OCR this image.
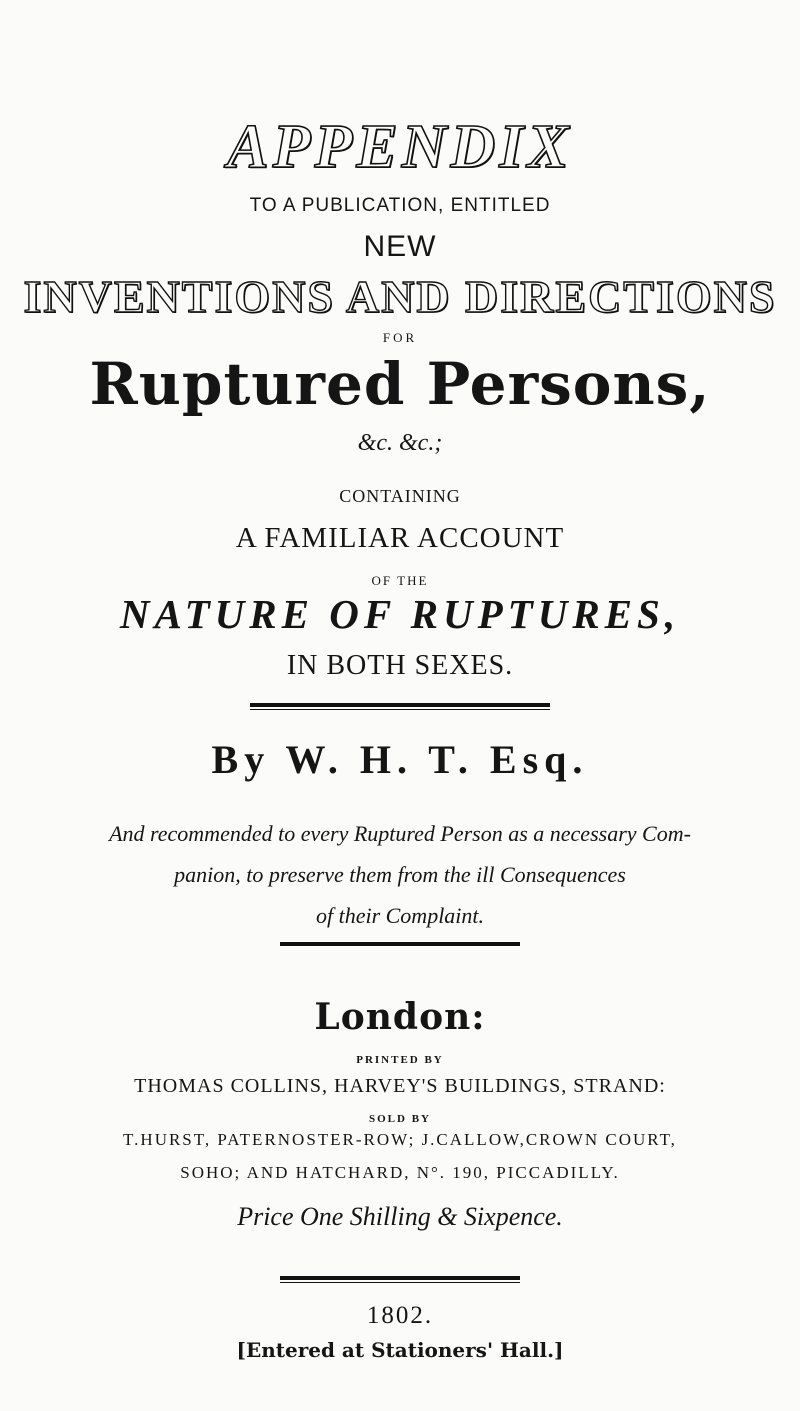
APPENDIX
TO A PUBLICATION, ENTITLED
NEW
INVENTIONS AND DIRECTIONS
FOR
Ruptured Persons,
&c. &c.;
CONTAINING
A FAMILIAR ACCOUNT
OF THE
NATURE OF RUPTURES,
IN BOTH SEXES.
By W. H. T. Esq.
And recommended to every Ruptured Person as a necessary Com-
panion, to preserve them from the ill Consequences
of their Complaint.
London:
PRINTED BY
THOMAS COLLINS, HARVEY'S BUILDINGS, STRAND:
SOLD BY
T.HURST, PATERNOSTER-ROW; J.CALLOW,CROWN COURT,
SOHO; AND HATCHARD, N°. 190, PICCADILLY.
Price One Shilling & Sixpence.
1802.
[Entered at Stationers' Hall.]
